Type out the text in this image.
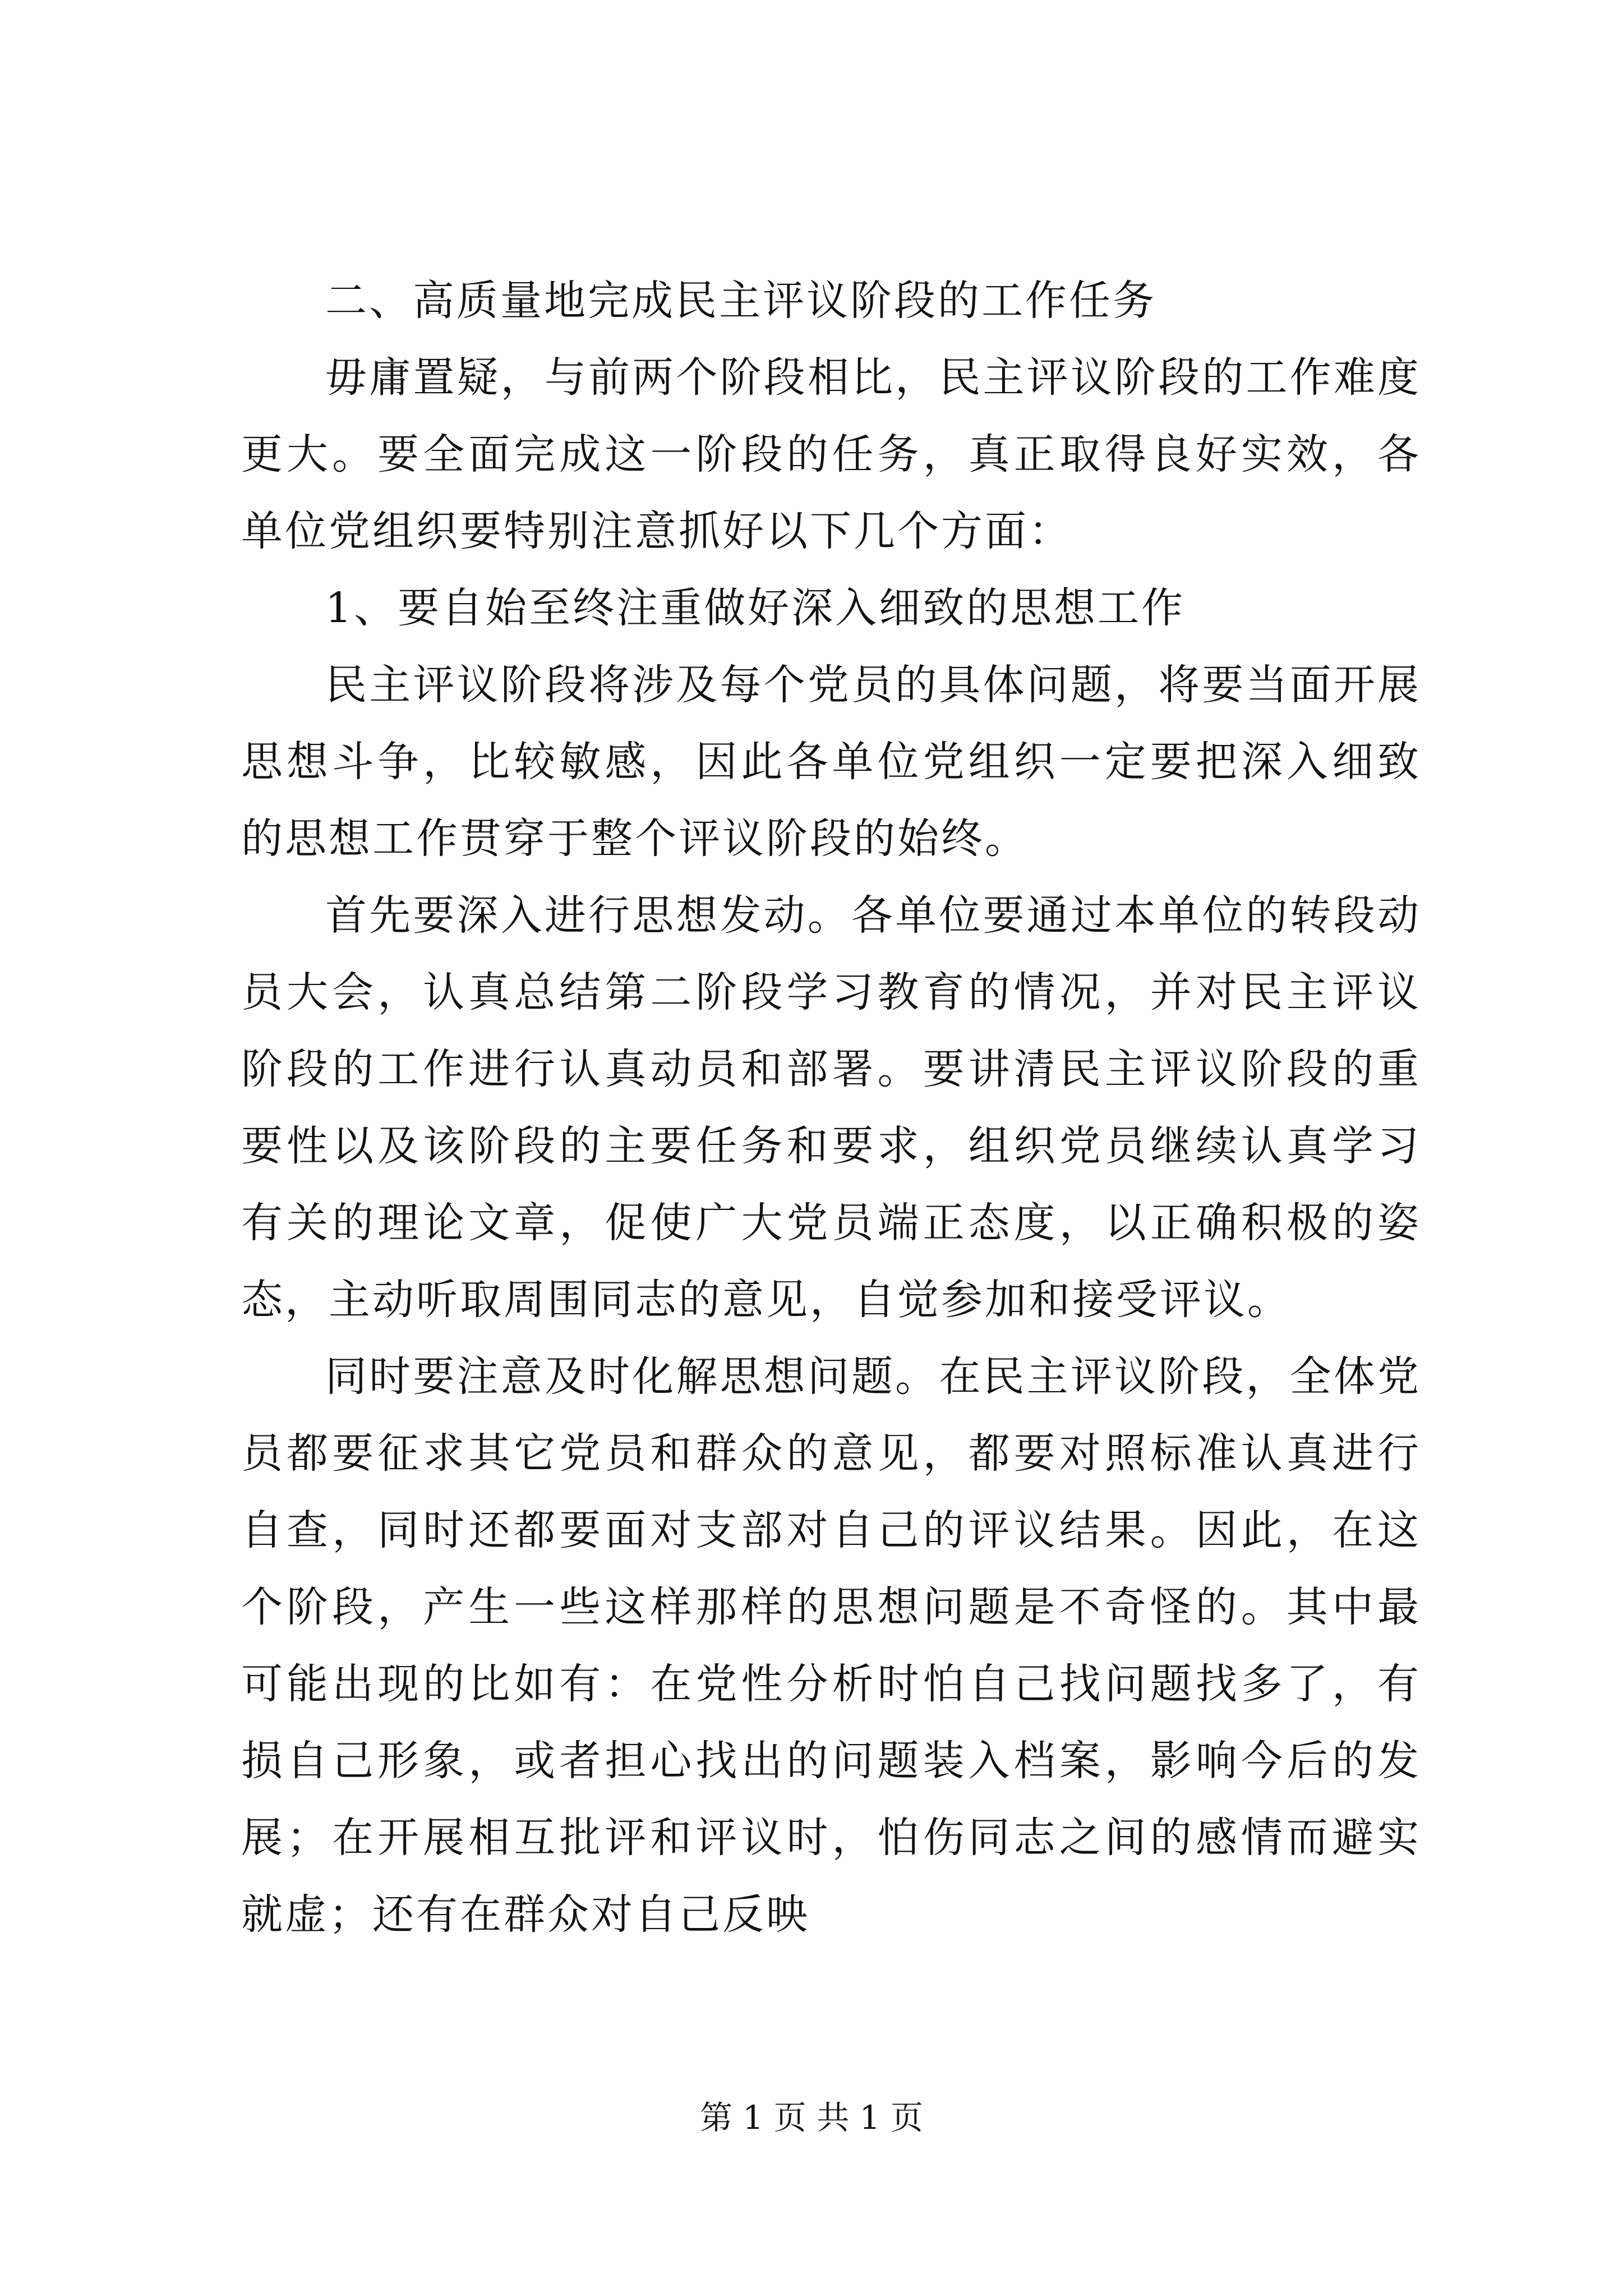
二、高质量地完成民主评议阶段的工作任务

毋庸置疑，与前两个阶段相比，民主评议阶段的工作难度更大。要全面完成这一阶段的任务，真正取得良好实效，各单位党组织要特别注意抓好以下几个方面：

1、要自始至终注重做好深入细致的思想工作

民主评议阶段将涉及每个党员的具体问题，将要当面开展思想斗争，比较敏感，因此各单位党组织一定要把深入细致的思想工作贯穿于整个评议阶段的始终。

首先要深入进行思想发动。各单位要通过本单位的转段动员大会，认真总结第二阶段学习教育的情况，并对民主评议阶段的工作进行认真动员和部署。要讲清民主评议阶段的重要性以及该阶段的主要任务和要求，组织党员继续认真学习有关的理论文章，促使广大党员端正态度，以正确积极的姿态，主动听取周围同志的意见，自觉参加和接受评议。

同时要注意及时化解思想问题。在民主评议阶段，全体党员都要征求其它党员和群众的意见，都要对照标准认真进行自查，同时还都要面对支部对自己的评议结果。因此，在这个阶段，产生一些这样那样的思想问题是不奇怪的。其中最可能出现的比如有：在党性分析时怕自己找问题找多了，有损自己形象，或者担心找出的问题装入档案，影响今后的发展；在开展相互批评和评议时，怕伤同志之间的感情而避实就虚；还有在群众对自己反映

第 1 页 共 1 页
